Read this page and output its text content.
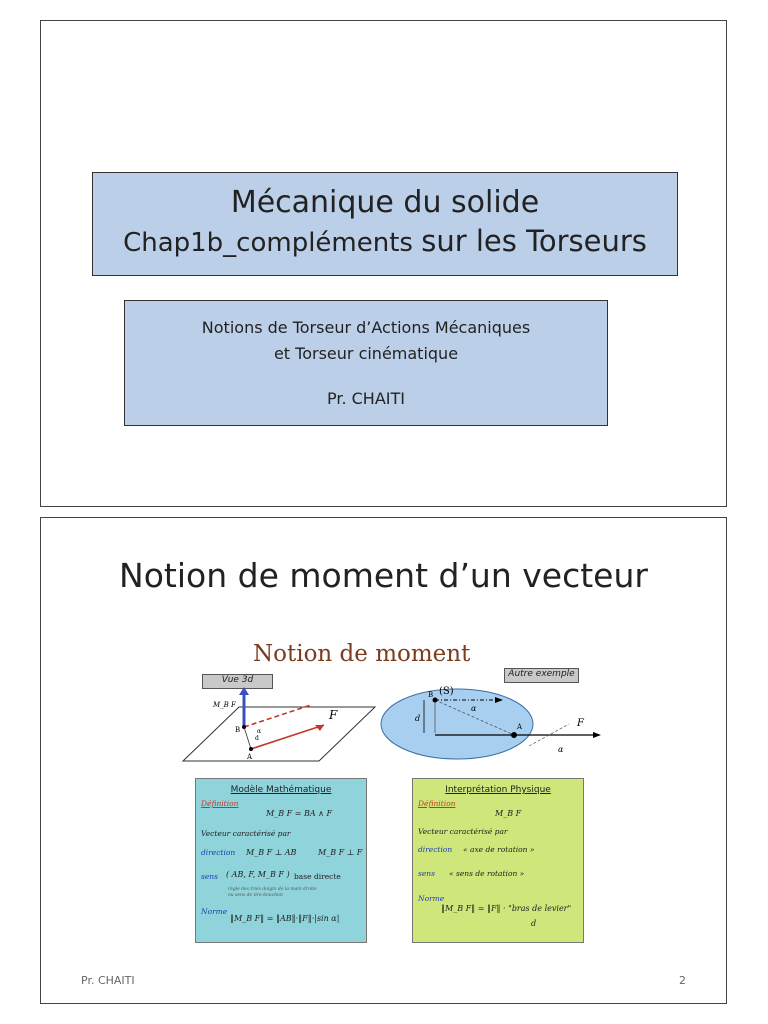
Mécanique du solide
Chap1b_compléments sur les Torseurs
Notions de Torseur d’Actions Mécaniques
et Torseur cinématique
Pr. CHAITI
Notion de moment d’un vecteur
Notion de moment
Vue 3d
Autre exemple
B
A
F
d
α
M_B F
(S)
B
A
d
α
F
α
Modèle Mathématique
Définition
M_B F = BA ∧ F
Vecteur caractérisé par
direction M_B F ⊥ AB	M_B F ⊥ F
sens ( AB, F, M_B F ) base directe
règle des trois doigts de la main droite
ou sens de tire-bouchon
Norme
‖M_B F‖ = ‖AB‖·‖F‖·|sin α|
Interprétation Physique
Définition
M_B F
Vecteur caractérisé par
direction « axe de rotation »
sens « sens de rotation »
Norme
‖M_B F‖ = ‖F‖ · "bras de levier"
d
Pr. CHAITI	2
